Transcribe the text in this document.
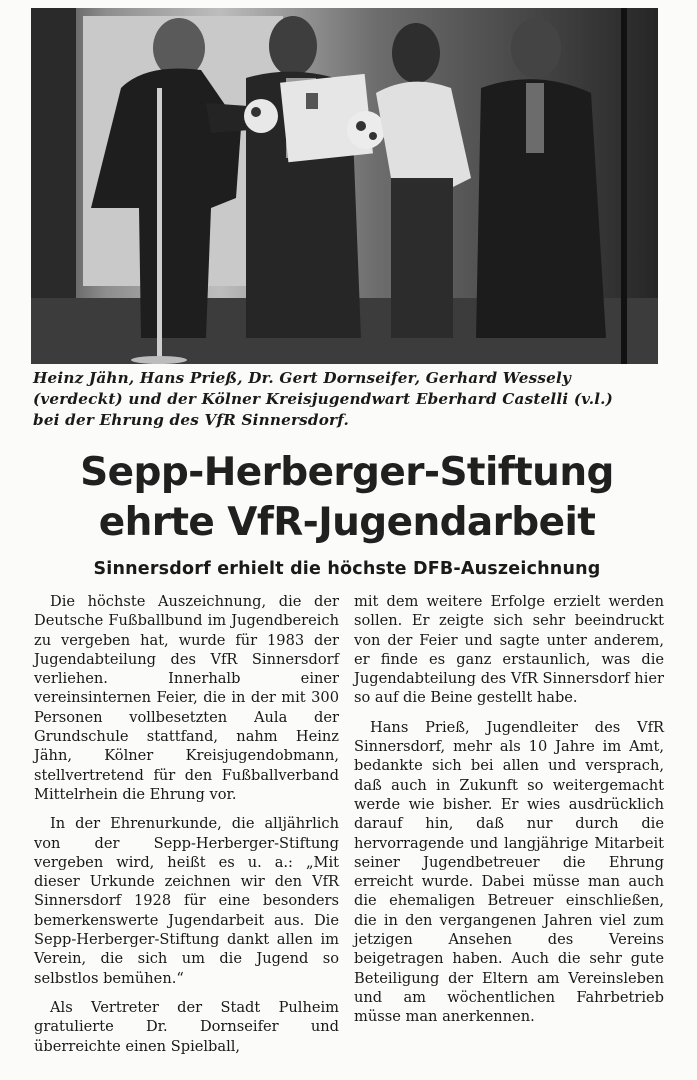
Heinz Jähn, Hans Prieß, Dr. Gert Dornseifer, Gerhard Wessely
(verdeckt) und der Kölner Kreisjugendwart Eberhard Castelli (v.l.)
bei der Ehrung des VfR Sinnersdorf.
Sepp-Herberger-Stiftung
ehrte VfR-Jugendarbeit
Sinnersdorf erhielt die höchste DFB-Auszeichnung

Die höchste Auszeichnung, die der Deutsche Fußballbund im Jugendbereich zu vergeben hat, wurde für 1983 der Jugendabteilung des VfR Sinnersdorf verliehen. Innerhalb einer vereinsinternen Feier, die in der mit 300 Personen vollbesetzten Aula der Grundschule stattfand, nahm Heinz Jähn, Kölner Kreisjugendobmann, stellvertretend für den Fußballverband Mittelrhein die Ehrung vor.

In der Ehrenurkunde, die alljährlich von der Sepp-Herberger-Stiftung vergeben wird, heißt es u. a.: „Mit dieser Urkunde zeichnen wir den VfR Sinnersdorf 1928 für eine besonders bemerkenswerte Jugendarbeit aus. Die Sepp-Herberger-Stiftung dankt allen im Verein, die sich um die Jugend so selbstlos bemühen.“

Als Vertreter der Stadt Pulheim gratulierte Dr. Dornseifer und überreichte einen Spielball,

mit dem weitere Erfolge erzielt werden sollen. Er zeigte sich sehr beeindruckt von der Feier und sagte unter anderem, er finde es ganz erstaunlich, was die Jugendabteilung des VfR Sinnersdorf hier so auf die Beine gestellt habe.

Hans Prieß, Jugendleiter des VfR Sinnersdorf, mehr als 10 Jahre im Amt, bedankte sich bei allen und versprach, daß auch in Zukunft so weitergemacht werde wie bisher. Er wies ausdrücklich darauf hin, daß nur durch die hervorragende und langjährige Mitarbeit seiner Jugendbetreuer die Ehrung erreicht wurde. Dabei müsse man auch die ehemaligen Betreuer einschließen, die in den vergangenen Jahren viel zum jetzigen Ansehen des Vereins beigetragen haben. Auch die sehr gute Beteiligung der Eltern am Vereinsleben und am wöchentlichen Fahrbetrieb müsse man anerkennen.
